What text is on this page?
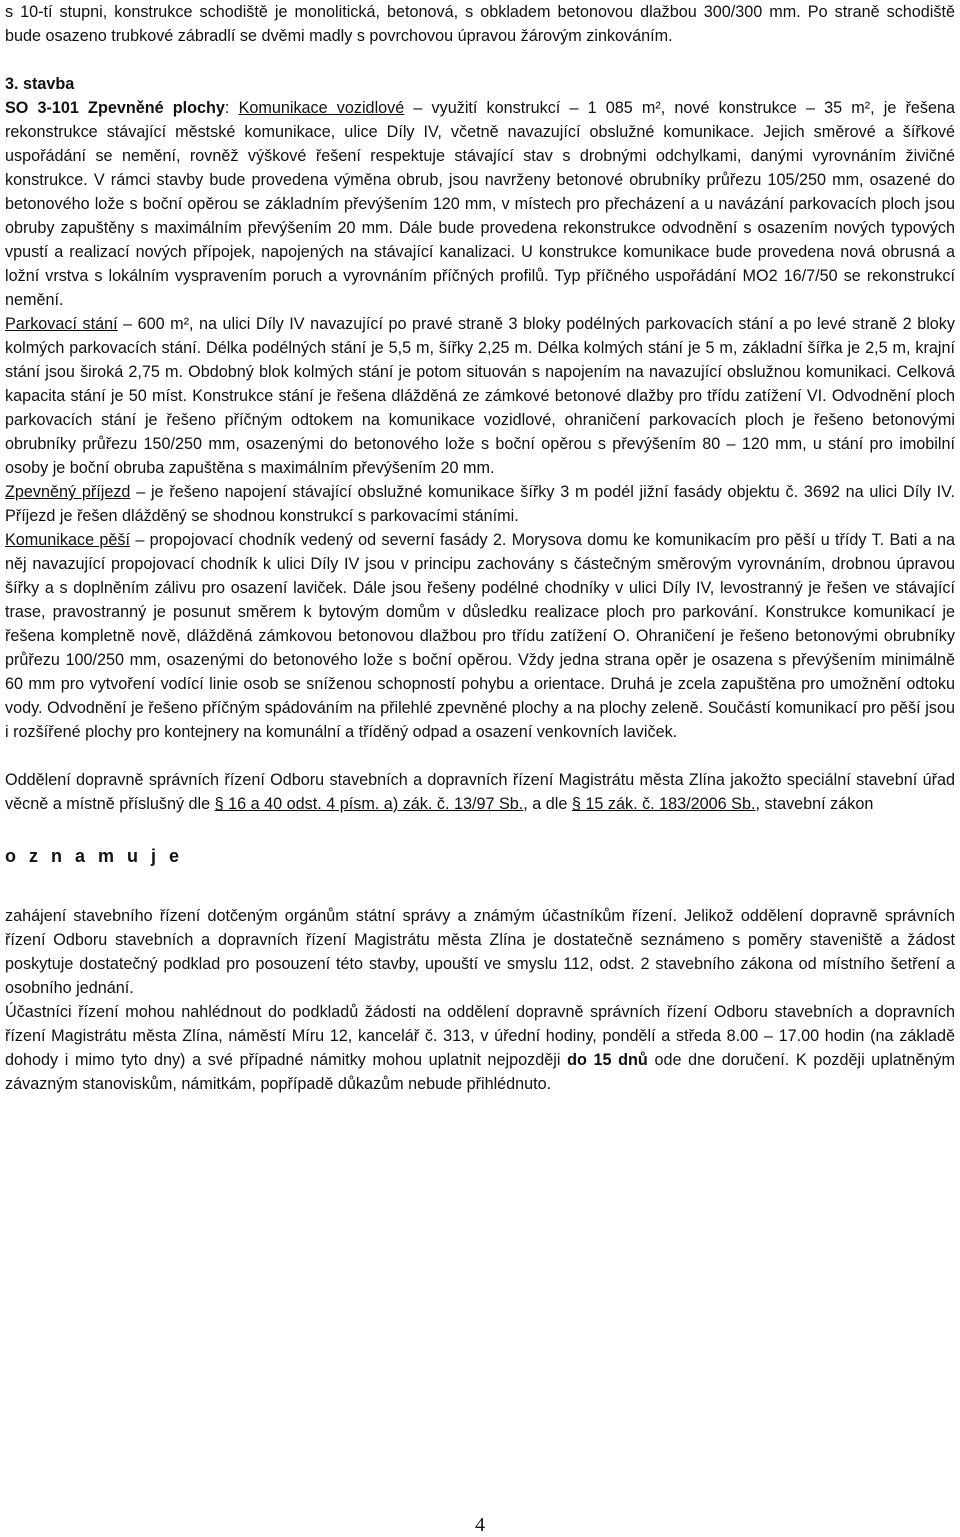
s 10-tí stupni, konstrukce schodiště je monolitická, betonová, s obkladem betonovou dlažbou 300/300 mm. Po straně schodiště bude osazeno trubkové zábradlí se dvěmi madly s povrchovou úpravou žárovým zinkováním.

3. stavba

SO 3-101 Zpevněné plochy: Komunikace vozidlové – využití konstrukcí – 1 085 m², nové konstrukce – 35 m², je řešena rekonstrukce stávající městské komunikace, ulice Díly IV, včetně navazující obslužné komunikace. Jejich směrové a šířkové uspořádání se nemění, rovněž výškové řešení respektuje stávající stav s drobnými odchylkami, danými vyrovnáním živičné konstrukce. V rámci stavby bude provedena výměna obrub, jsou navrženy betonové obrubníky průřezu 105/250 mm, osazené do betonového lože s boční opěrou se základním převýšením 120 mm, v místech pro přecházení a u navázání parkovacích ploch jsou obruby zapuštěny s maximálním převýšením 20 mm. Dále bude provedena rekonstrukce odvodnění s osazením nových typových vpustí a realizací nových přípojek, napojených na stávající kanalizaci. U konstrukce komunikace bude provedena nová obrusná a ložní vrstva s lokálním vyspravením poruch a vyrovnáním příčných profilů. Typ příčného uspořádání MO2 16/7/50 se rekonstrukcí nemění.

Parkovací stání – 600 m², na ulici Díly IV navazující po pravé straně 3 bloky podélných parkovacích stání a po levé straně 2 bloky kolmých parkovacích stání. Délka podélných stání je 5,5 m, šířky 2,25 m. Délka kolmých stání je 5 m, základní šířka je 2,5 m, krajní stání jsou široká 2,75 m. Obdobný blok kolmých stání je potom situován s napojením na navazující obslužnou komunikaci. Celková kapacita stání je 50 míst. Konstrukce stání je řešena dlážděná ze zámkové betonové dlažby pro třídu zatížení VI. Odvodnění ploch parkovacích stání je řešeno příčným odtokem na komunikace vozidlové, ohraničení parkovacích ploch je řešeno betonovými obrubníky průřezu 150/250 mm, osazenými do betonového lože s boční opěrou s převýšením 80 – 120 mm, u stání pro imobilní osoby je boční obruba zapuštěna s maximálním převýšením 20 mm.

Zpevněný příjezd – je řešeno napojení stávající obslužné komunikace šířky 3 m podél jižní fasády objektu č. 3692 na ulici Díly IV. Příjezd je řešen dlážděný se shodnou konstrukcí s parkovacími stáními.

Komunikace pěší – propojovací chodník vedený od severní fasády 2. Morysova domu ke komunikacím pro pěší u třídy T. Bati a na něj navazující propojovací chodník k ulici Díly IV jsou v principu zachovány s částečným směrovým vyrovnáním, drobnou úpravou šířky a s doplněním zálivu pro osazení laviček. Dále jsou řešeny podélné chodníky v ulici Díly IV, levostranný je řešen ve stávající trase, pravostranný je posunut směrem k bytovým domům v důsledku realizace ploch pro parkování. Konstrukce komunikací je řešena kompletně nově, dlážděná zámkovou betonovou dlažbou pro třídu zatížení O. Ohraničení je řešeno betonovými obrubníky průřezu 100/250 mm, osazenými do betonového lože s boční opěrou. Vždy jedna strana opěr je osazena s převýšením minimálně 60 mm pro vytvoření vodící linie osob se sníženou schopností pohybu a orientace. Druhá je zcela zapuštěna pro umožnění odtoku vody. Odvodnění je řešeno příčným spádováním na přilehlé zpevněné plochy a na plochy zeleně. Součástí komunikací pro pěší jsou i rozšířené plochy pro kontejnery na komunální a tříděný odpad a osazení venkovních laviček.

Oddělení dopravně správních řízení Odboru stavebních a dopravních řízení Magistrátu města Zlína jakožto speciální stavební úřad věcně a místně příslušný dle § 16 a 40 odst. 4 písm. a) zák. č. 13/97 Sb., a dle § 15 zák. č. 183/2006 Sb., stavební zákon

o z n a m u j e

zahájení stavebního řízení dotčeným orgánům státní správy a známým účastníkům řízení. Jelikož oddělení dopravně správních řízení Odboru stavebních a dopravních řízení Magistrátu města Zlína je dostatečně seznámeno s poměry staveniště a žádost poskytuje dostatečný podklad pro posouzení této stavby, upouští ve smyslu 112, odst. 2 stavebního zákona od místního šetření a osobního jednání.

Účastníci řízení mohou nahlédnout do podkladů žádosti na oddělení dopravně správních řízení Odboru stavebních a dopravních řízení Magistrátu města Zlína, náměstí Míru 12, kancelář č. 313, v úřední hodiny, pondělí a středa 8.00 – 17.00 hodin (na základě dohody i mimo tyto dny) a své případné námitky mohou uplatnit nejpozději do 15 dnů ode dne doručení. K později uplatněným závazným stanoviskům, námitkám, popřípadě důkazům nebude přihlédnuto.

4
